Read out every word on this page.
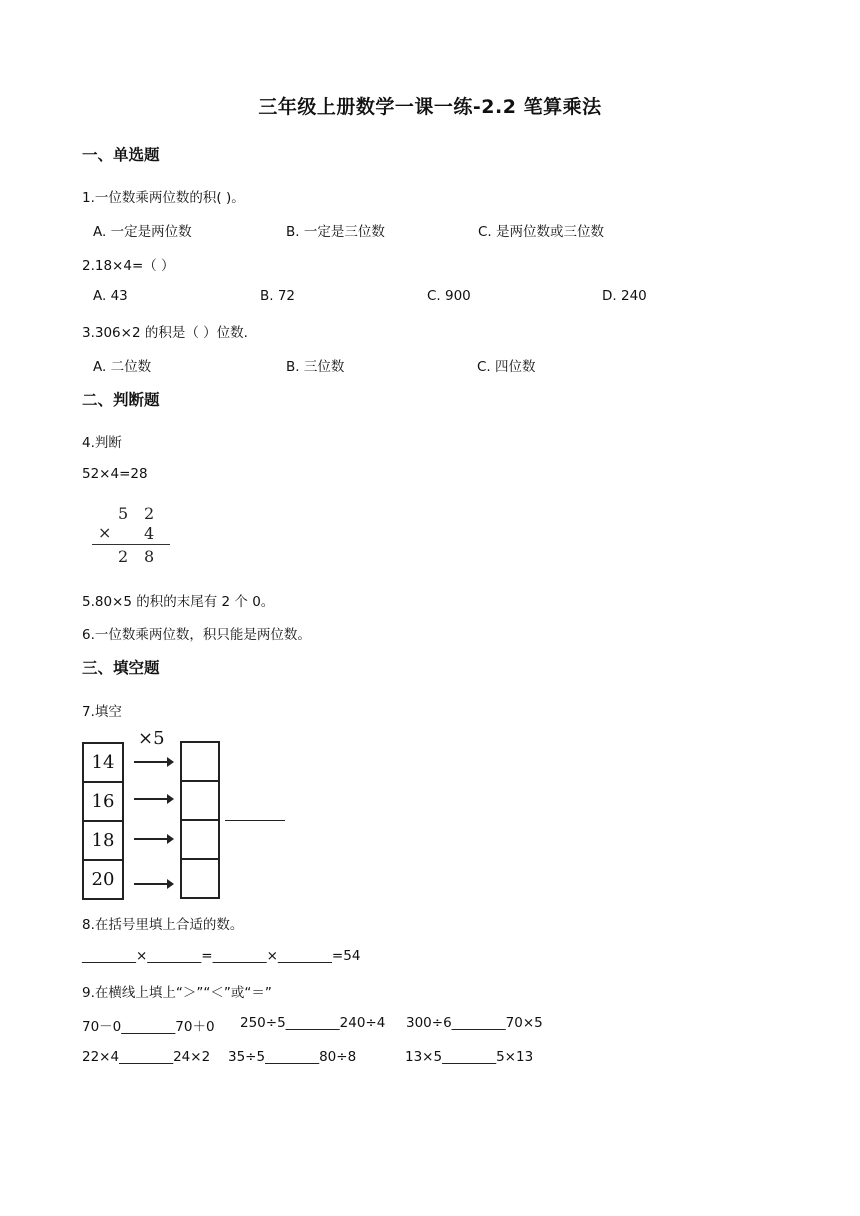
三年级上册数学一课一练-2.2 笔算乘法
一、单选题
1.一位数乘两位数的积( )。
A. 一定是两位数	B. 一定是三位数	C. 是两位数或三位数
2.18×4=（ ）
A. 43	B. 72	C. 900	D. 240
3.306×2 的积是（ ）位数.
A. 二位数	B. 三位数	C. 四位数
二、判断题
4.判断
52×4=28
5 2
× 4
2 8
5.80×5 的积的末尾有 2 个 0。
6.一位数乘两位数，积只能是两位数。
三、填空题
7.填空
×5
14
16
18
20
8.在括号里填上合适的数。
________×________=________×________=54
9.在横线上填上“＞”“＜”或“＝”
70－0________70＋0 250÷5________240÷4 300÷6________70×5
22×4________24×2 35÷5________80÷8	13×5________5×13
